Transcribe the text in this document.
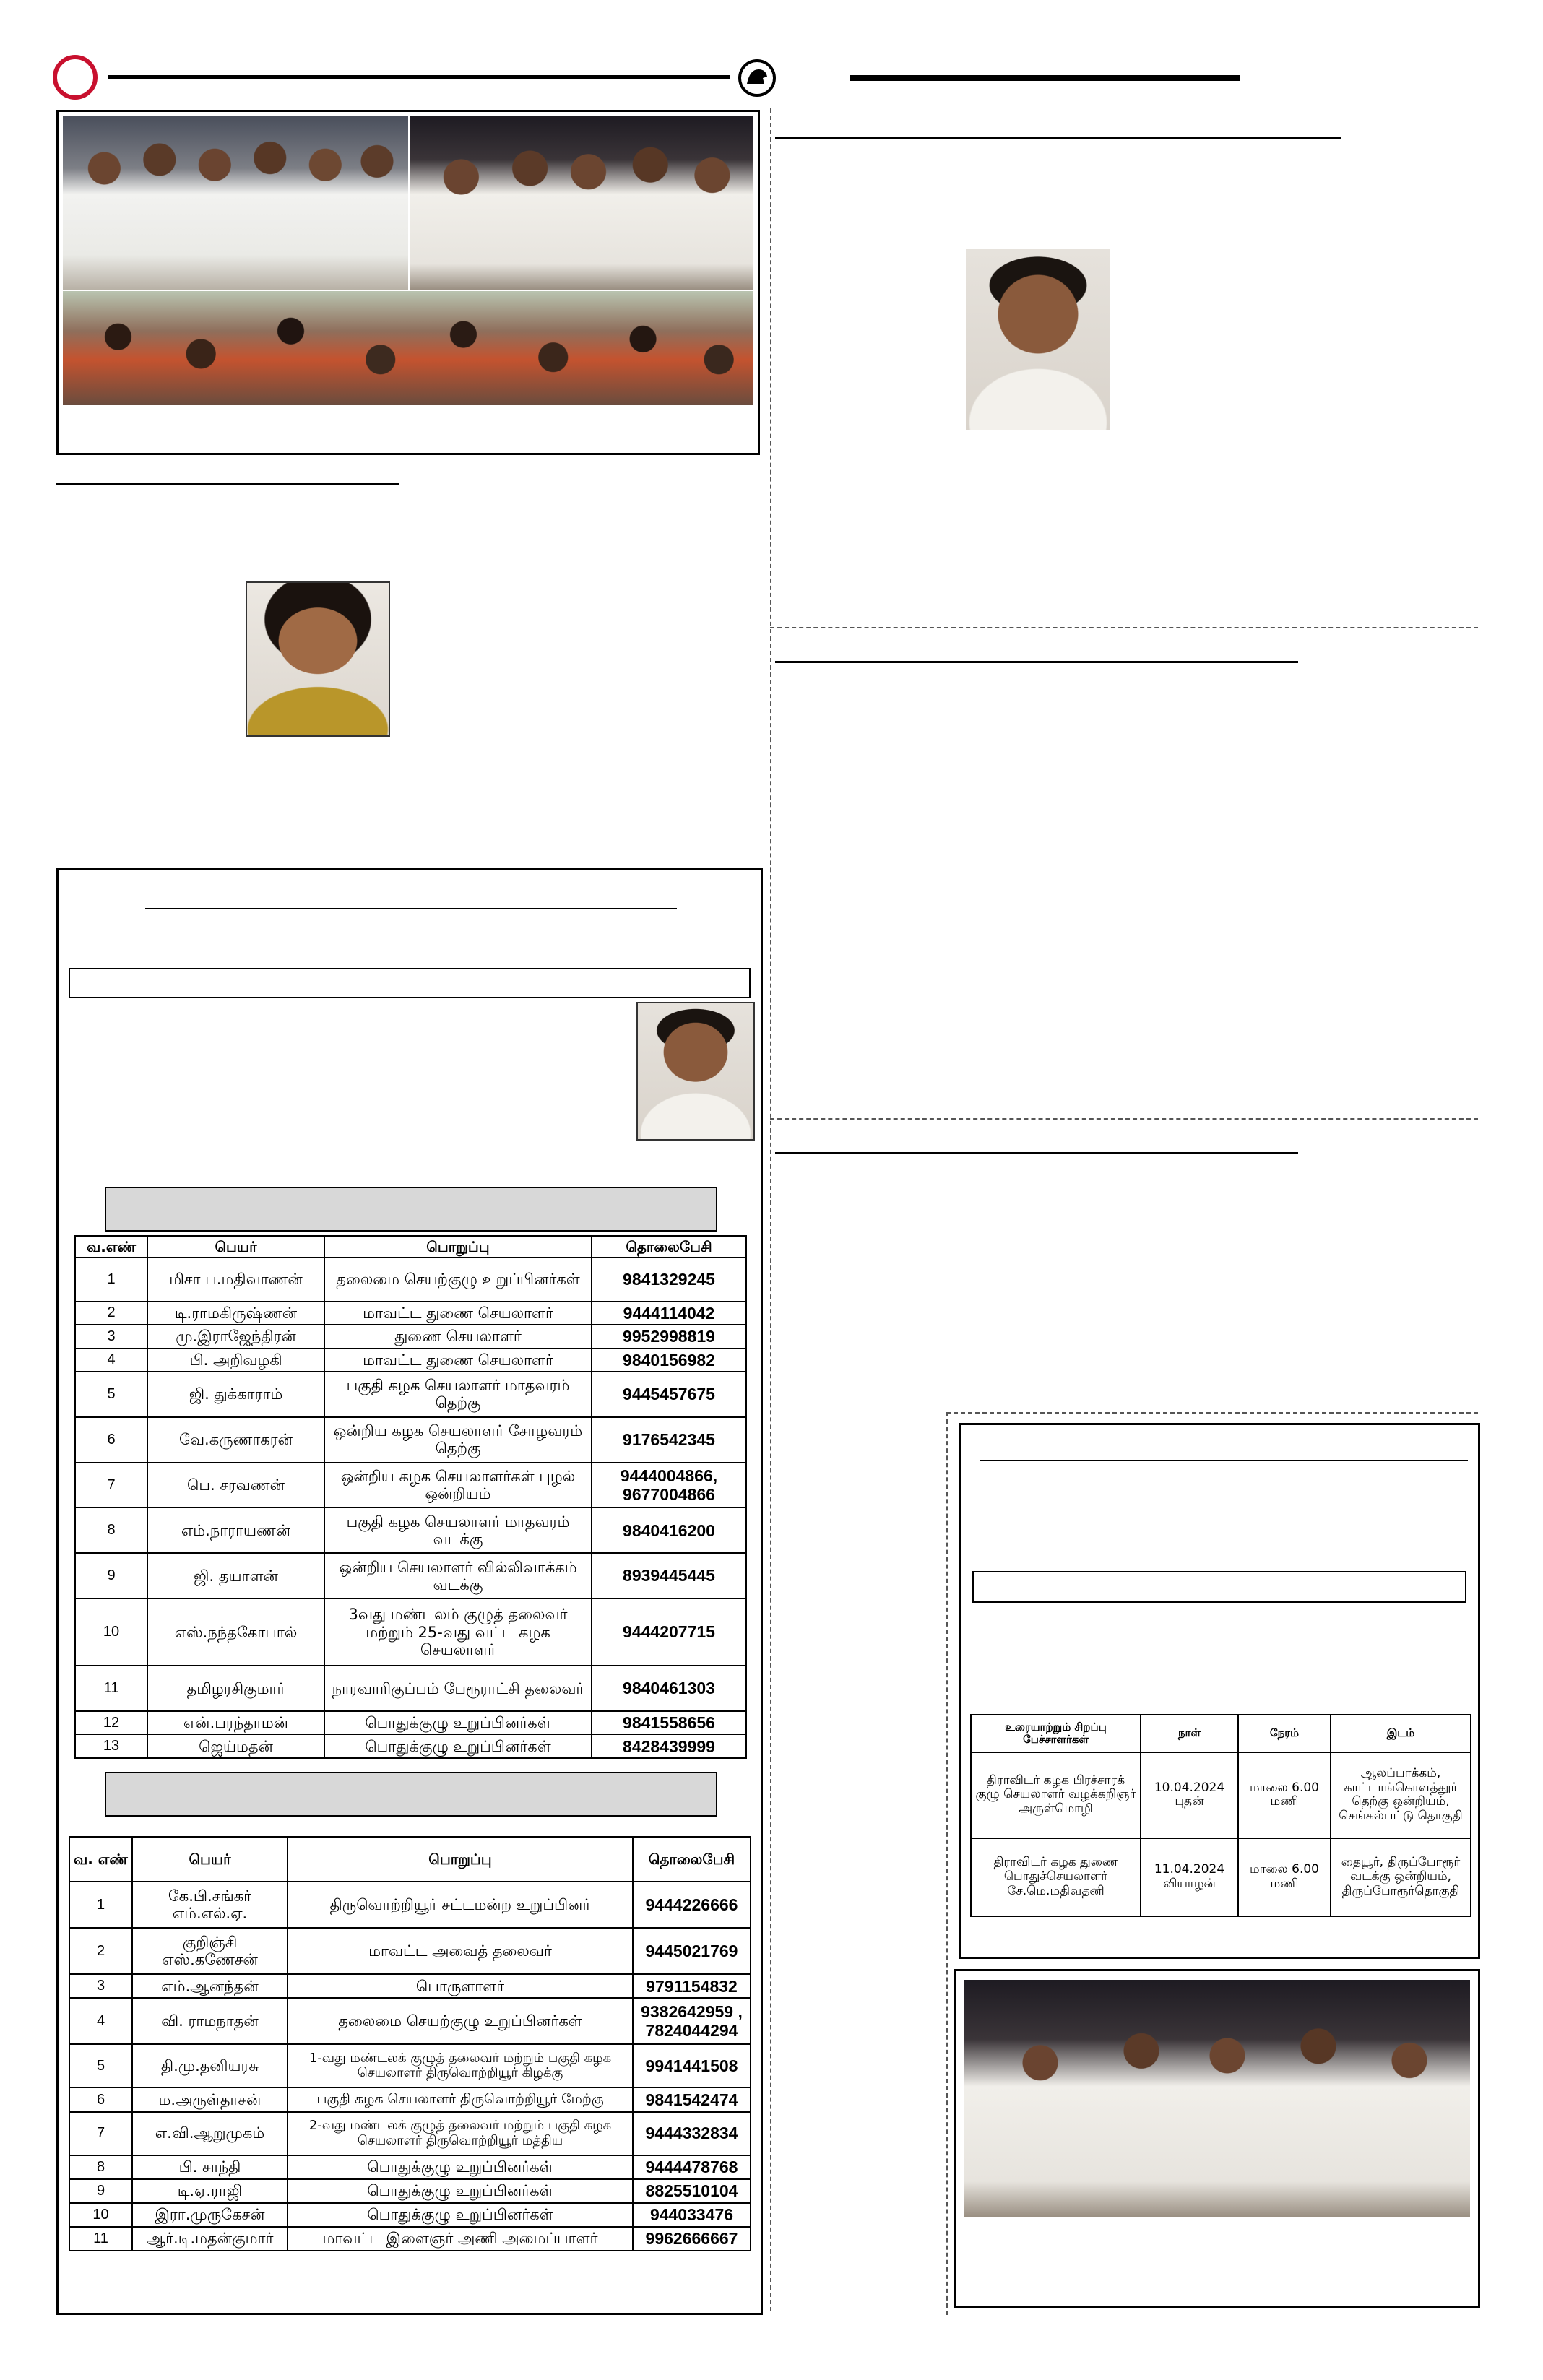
வ.எண்	பெயர்	பொறுப்பு	தொலைபேசி
1	மிசா ப.மதிவாணன்	தலைமை செயற்குழு உறுப்பினர்கள்	9841329245
2	டி.ராமகிருஷ்ணன்	மாவட்ட துணை செயலாளர்	9444114042
3	மு.இராஜேந்திரன்	துணை செயலாளர்	9952998819
4	பி. அறிவழகி	மாவட்ட துணை செயலாளர்	9840156982
5	ஜி. துக்காராம்	பகுதி கழக செயலாளர் மாதவரம் தெற்கு	9445457675
6	வே.கருணாகரன்	ஒன்றிய கழக செயலாளர் சோழவரம் தெற்கு	9176542345
7	பெ. சரவணன்	ஒன்றிய கழக செயலாளர்கள் புழல் ஒன்றியம்	9444004866, 9677004866
8	எம்.நாராயணன்	பகுதி கழக செயலாளர் மாதவரம் வடக்கு	9840416200
9	ஜி. தயாளன்	ஒன்றிய செயலாளர் வில்லிவாக்கம் வடக்கு	8939445445
10	எஸ்.நந்தகோபால்	3வது மண்டலம் குழுத் தலைவர் மற்றும் 25-வது வட்ட கழக செயலாளர்	9444207715
11	தமிழரசிகுமார்	நாரவாரிகுப்பம் பேரூராட்சி தலைவர்	9840461303
12	என்.பரந்தாமன்	பொதுக்குழு உறுப்பினர்கள்	9841558656
13	ஜெய்மதன்	பொதுக்குழு உறுப்பினர்கள்	8428439999
வ. எண்	பெயர்	பொறுப்பு	தொலைபேசி
1	கே.பி.சங்கர் எம்.எல்.ஏ.	திருவொற்றியூர் சட்டமன்ற உறுப்பினர்	9444226666
2	குறிஞ்சி எஸ்.கணேசன்	மாவட்ட அவைத் தலைவர்	9445021769
3	எம்.ஆனந்தன்	பொருளாளர்	9791154832
4	வி. ராமநாதன்	தலைமை செயற்குழு உறுப்பினர்கள்	9382642959 , 7824044294
5	தி.மு.தனியரசு	1-வது மண்டலக் குழுத் தலைவர் மற்றும் பகுதி கழக செயலாளர் திருவொற்றியூர் கிழக்கு	9941441508
6	ம.அருள்தாசன்	பகுதி கழக செயலாளர் திருவொற்றியூர் மேற்கு	9841542474
7	எ.வி.ஆறுமுகம்	2-வது மண்டலக் குழுத் தலைவர் மற்றும் பகுதி கழக செயலாளர் திருவொற்றியூர் மத்திய	9444332834
8	பி. சாந்தி	பொதுக்குழு உறுப்பினர்கள்	9444478768
9	டி.ஏ.ராஜி	பொதுக்குழு உறுப்பினர்கள்	8825510104
10	இரா.முருகேசன்	பொதுக்குழு உறுப்பினர்கள்	944033476
11	ஆர்.டி.மதன்குமார்	மாவட்ட இளைஞர் அணி அமைப்பாளர்	9962666667
உரையாற்றும் சிறப்பு பேச்சாளர்கள்	நாள்	நேரம்	இடம்
திராவிடர் கழக பிரச்சாரக் குழு செயலாளர் வழக்கறிஞர் அருள்மொழி	10.04.2024 புதன்	மாலை 6.00 மணி	ஆலப்பாக்கம், காட்டாங்கொளத்தூர் தெற்கு ஒன்றியம், செங்கல்பட்டு தொகுதி
திராவிடர் கழக துணை பொதுச்செயலாளர் சே.மெ.மதிவதனி	11.04.2024 வியாழன்	மாலை 6.00 மணி	தையூர், திருப்போரூர் வடக்கு ஒன்றியம், திருப்போரூர்தொகுதி
